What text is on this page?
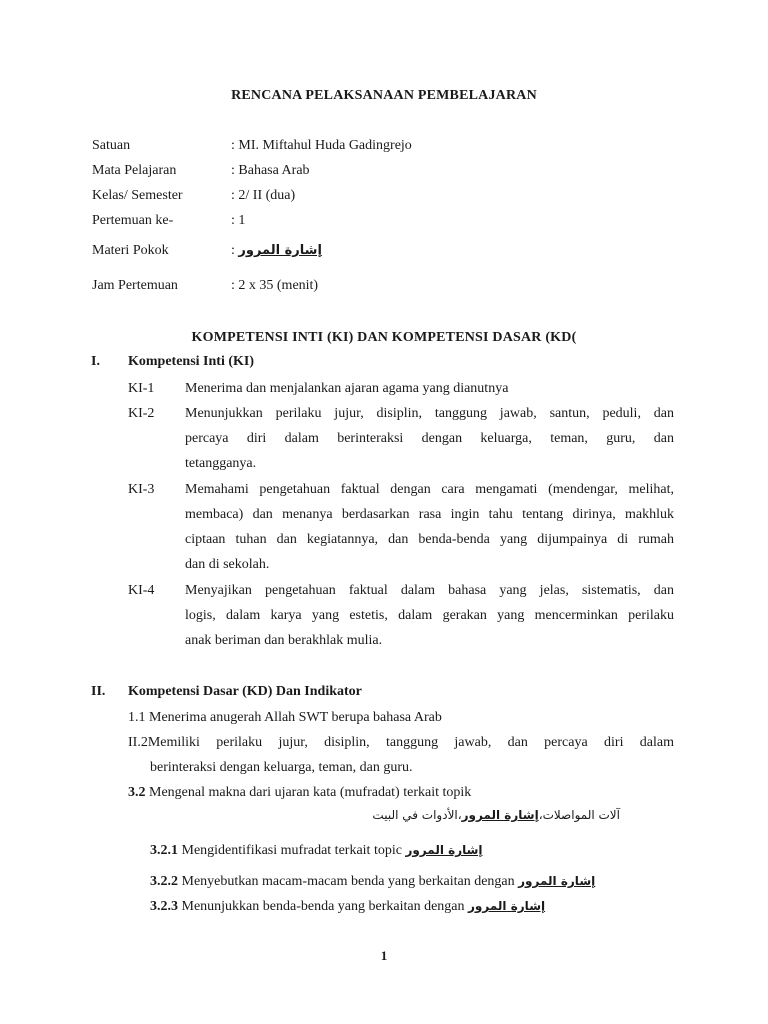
RENCANA PELAKSANAAN PEMBELAJARAN
Satuan	: MI. Miftahul Huda Gadingrejo
Mata Pelajaran	: Bahasa Arab
Kelas/ Semester	: 2/ II (dua)
Pertemuan ke-	: 1
Materi Pokok	: إشارة المرور
Jam Pertemuan	: 2 x 35 (menit)
KOMPETENSI INTI (KI) DAN KOMPETENSI DASAR (KD(
I. Kompetensi Inti (KI)
KI-1 Menerima dan menjalankan ajaran agama yang dianutnya
KI-2 Menunjukkan perilaku jujur, disiplin, tanggung jawab, santun, peduli, dan
percaya diri dalam berinteraksi dengan keluarga, teman, guru, dan
tetangganya.
KI-3 Memahami pengetahuan faktual dengan cara mengamati (mendengar, melihat,
membaca) dan menanya berdasarkan rasa ingin tahu tentang dirinya, makhluk
ciptaan tuhan dan kegiatannya, dan benda-benda yang dijumpainya di rumah
dan di sekolah.
KI-4 Menyajikan pengetahuan faktual dalam bahasa yang jelas, sistematis, dan
logis, dalam karya yang estetis, dalam gerakan yang mencerminkan perilaku
anak beriman dan berakhlak mulia.
II. Kompetensi Dasar (KD) Dan Indikator
1.1 Menerima anugerah Allah SWT berupa bahasa Arab
II.2Memiliki perilaku jujur, disiplin, tanggung jawab, dan percaya diri dalam
berinteraksi dengan keluarga, teman, dan guru.
3.2 Mengenal makna dari ujaran kata (mufradat) terkait topik
آلات المواصلات،إشارة المرور،الأدوات في البيت
3.2.1 Mengidentifikasi mufradat terkait topic إشارة المرور
3.2.2 Menyebutkan macam-macam benda yang berkaitan dengan إشارة المرور
3.2.3 Menunjukkan benda-benda yang berkaitan dengan إشارة المرور
1
